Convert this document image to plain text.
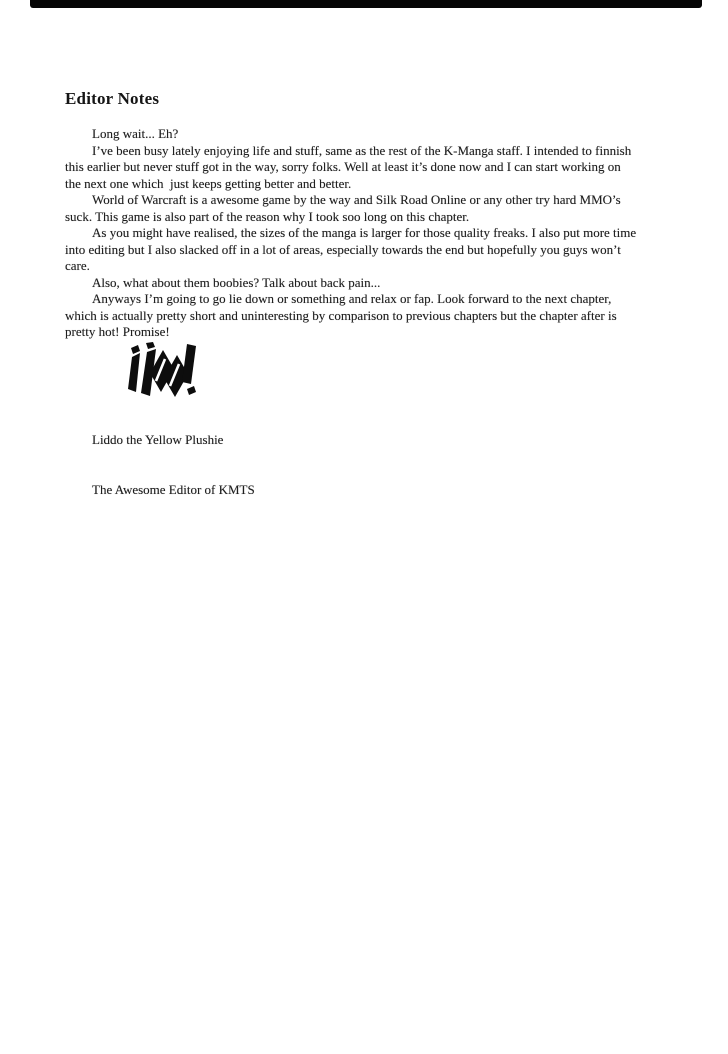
Editor Notes
Long wait... Eh?
I’ve been busy lately enjoying life and stuff, same as the rest of the K-Manga staff. I intended to finnish
this earlier but never stuff got in the way, sorry folks. Well at least it’s done now and I can start working on
the next one which  just keeps getting better and better.
World of Warcraft is a awesome game by the way and Silk Road Online or any other try hard MMO’s
suck. This game is also part of the reason why I took soo long on this chapter.
As you might have realised, the sizes of the manga is larger for those quality freaks. I also put more time
into editing but I also slacked off in a lot of areas, especially towards the end but hopefully you guys won’t
care.
Also, what about them boobies? Talk about back pain...
Anyways I’m going to go lie down or something and relax or fap. Look forward to the next chapter,
which is actually pretty short and uninteresting by comparison to previous chapters but the chapter after is
pretty hot! Promise!

Liddo the Yellow Plushie

The Awesome Editor of KMTS
